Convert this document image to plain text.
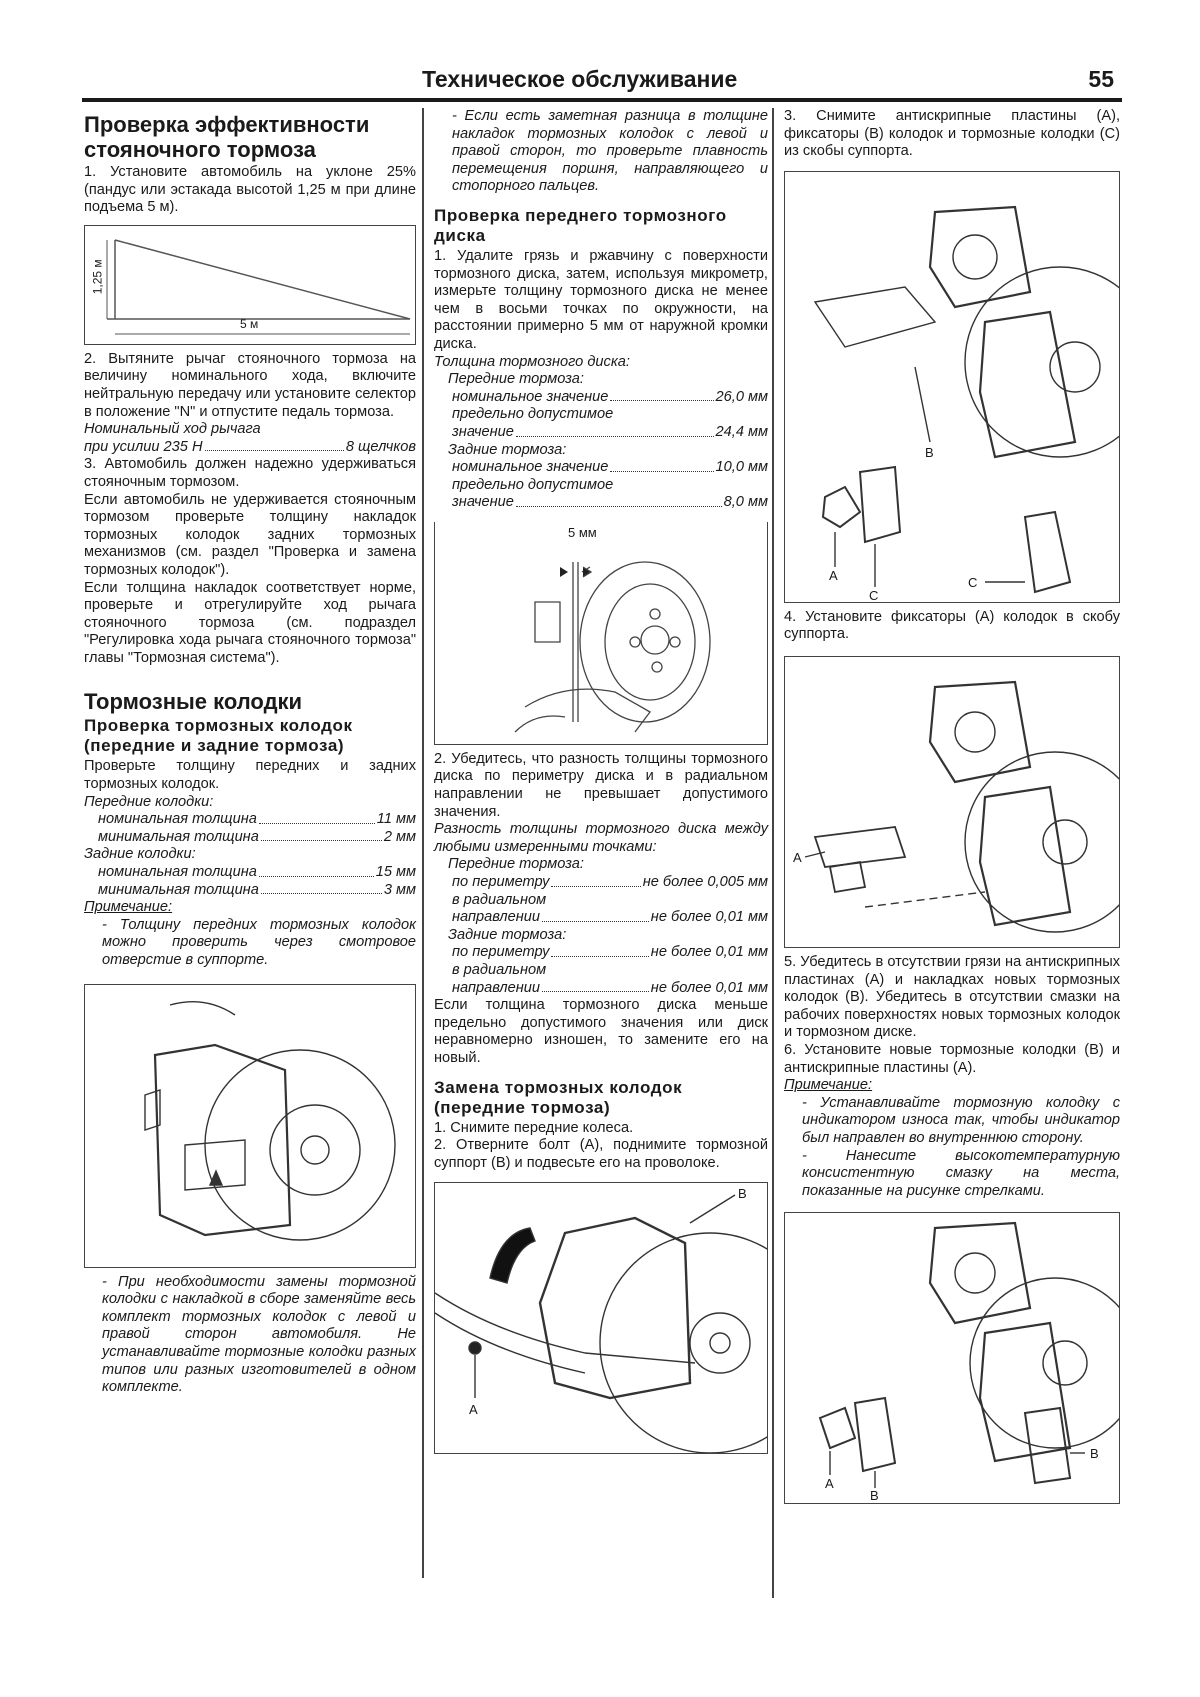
Техническое обслуживание	55
Проверка эффективности стояночного тормоза

1. Установите автомобиль на уклоне 25% (пандус или эстакада высотой 1,25 м при длине подъема 5 м).

1,25 м
5 м

2. Вытяните рычаг стояночного тормоза на величину номинального хода, включите нейтральную передачу или установите селектор в положение "N" и отпустите педаль тормоза.

Номинальный ход рычага

при усилии 235 Н	8 щелчков

3. Автомобиль должен надежно удерживаться стояночным тормозом.

Если автомобиль не удерживается стояночным тормозом проверьте толщину накладок тормозных колодок задних тормозных механизмов (см. раздел "Проверка и замена тормозных колодок").

Если толщина накладок соответствует норме, проверьте и отрегулируйте ход рычага стояночного тормоза (см. подраздел "Регулировка хода рычага стояночного тормоза" главы "Тормозная система").

Тормозные колодки
Проверка тормозных колодок (передние и задние тормоза)

Проверьте толщину передних и задних тормозных колодок.

Передние колодки:

номинальная толщина	11 мм
минимальная толщина	2 мм

Задние колодки:

номинальная толщина	15 мм
минимальная толщина	3 мм

Примечание:

- Толщину передних тормозных колодок можно проверить через смотровое отверстие в суппорте.

- При необходимости замены тормозной колодки с накладкой в сборе заменяйте весь комплект тормозных колодок с левой и правой сторон автомобиля. Не устанавливайте тормозные колодки разных типов или разных изготовителей в одном комплекте.

- Если есть заметная разница в толщине накладок тормозных колодок с левой и правой сторон, то проверьте плавность перемещения поршня, направляющего и стопорного пальцев.

Проверка переднего тормозного диска

1. Удалите грязь и ржавчину с поверхности тормозного диска, затем, используя микрометр, измерьте толщину тормозного диска не менее чем в восьми точках по окружности, на расстоянии примерно 5 мм от наружной кромки диска.

Толщина тормозного диска:

Передние тормоза:

номинальное значение	26,0 мм

предельно допустимое

значение	24,4 мм

Задние тормоза:

номинальное значение	10,0 мм

предельно допустимое

значение	8,0 мм
5 мм

2. Убедитесь, что разность толщины тормозного диска по периметру диска и в радиальном направлении не превышает допустимого значения.

Разность толщины тормозного диска между любыми измеренными точками:

Передние тормоза:

по периметру	не более 0,005 мм

в радиальном

направлении	не более 0,01 мм

Задние тормоза:

по периметру	не более 0,01 мм

в радиальном

направлении	не более 0,01 мм

Если толщина тормозного диска меньше предельно допустимого значения или диск неравномерно изношен, то замените его на новый.

Замена тормозных колодок (передние тормоза)

1. Снимите передние колеса.

2. Отверните болт (A), поднимите тормозной суппорт (B) и подвесьте его на проволоке.

A
B

3. Снимите антискрипные пластины (A), фиксаторы (B) колодок и тормозные колодки (C) из скобы суппорта.

A
B
C
C

4. Установите фиксаторы (A) колодок в скобу суппорта.

A

5. Убедитесь в отсутствии грязи на антискрипных пластинах (A) и накладках новых тормозных колодок (B). Убедитесь в отсутствии смазки на рабочих поверхностях новых тормозных колодок и тормозном диске.

6. Установите новые тормозные колодки (B) и антискрипные пластины (A).

Примечание:

- Устанавливайте тормозную колодку с индикатором износа так, чтобы индикатор был направлен во внутреннюю сторону.

- Нанесите высокотемпературную консистентную смазку на места, показанные на рисунке стрелками.

A
B
B
